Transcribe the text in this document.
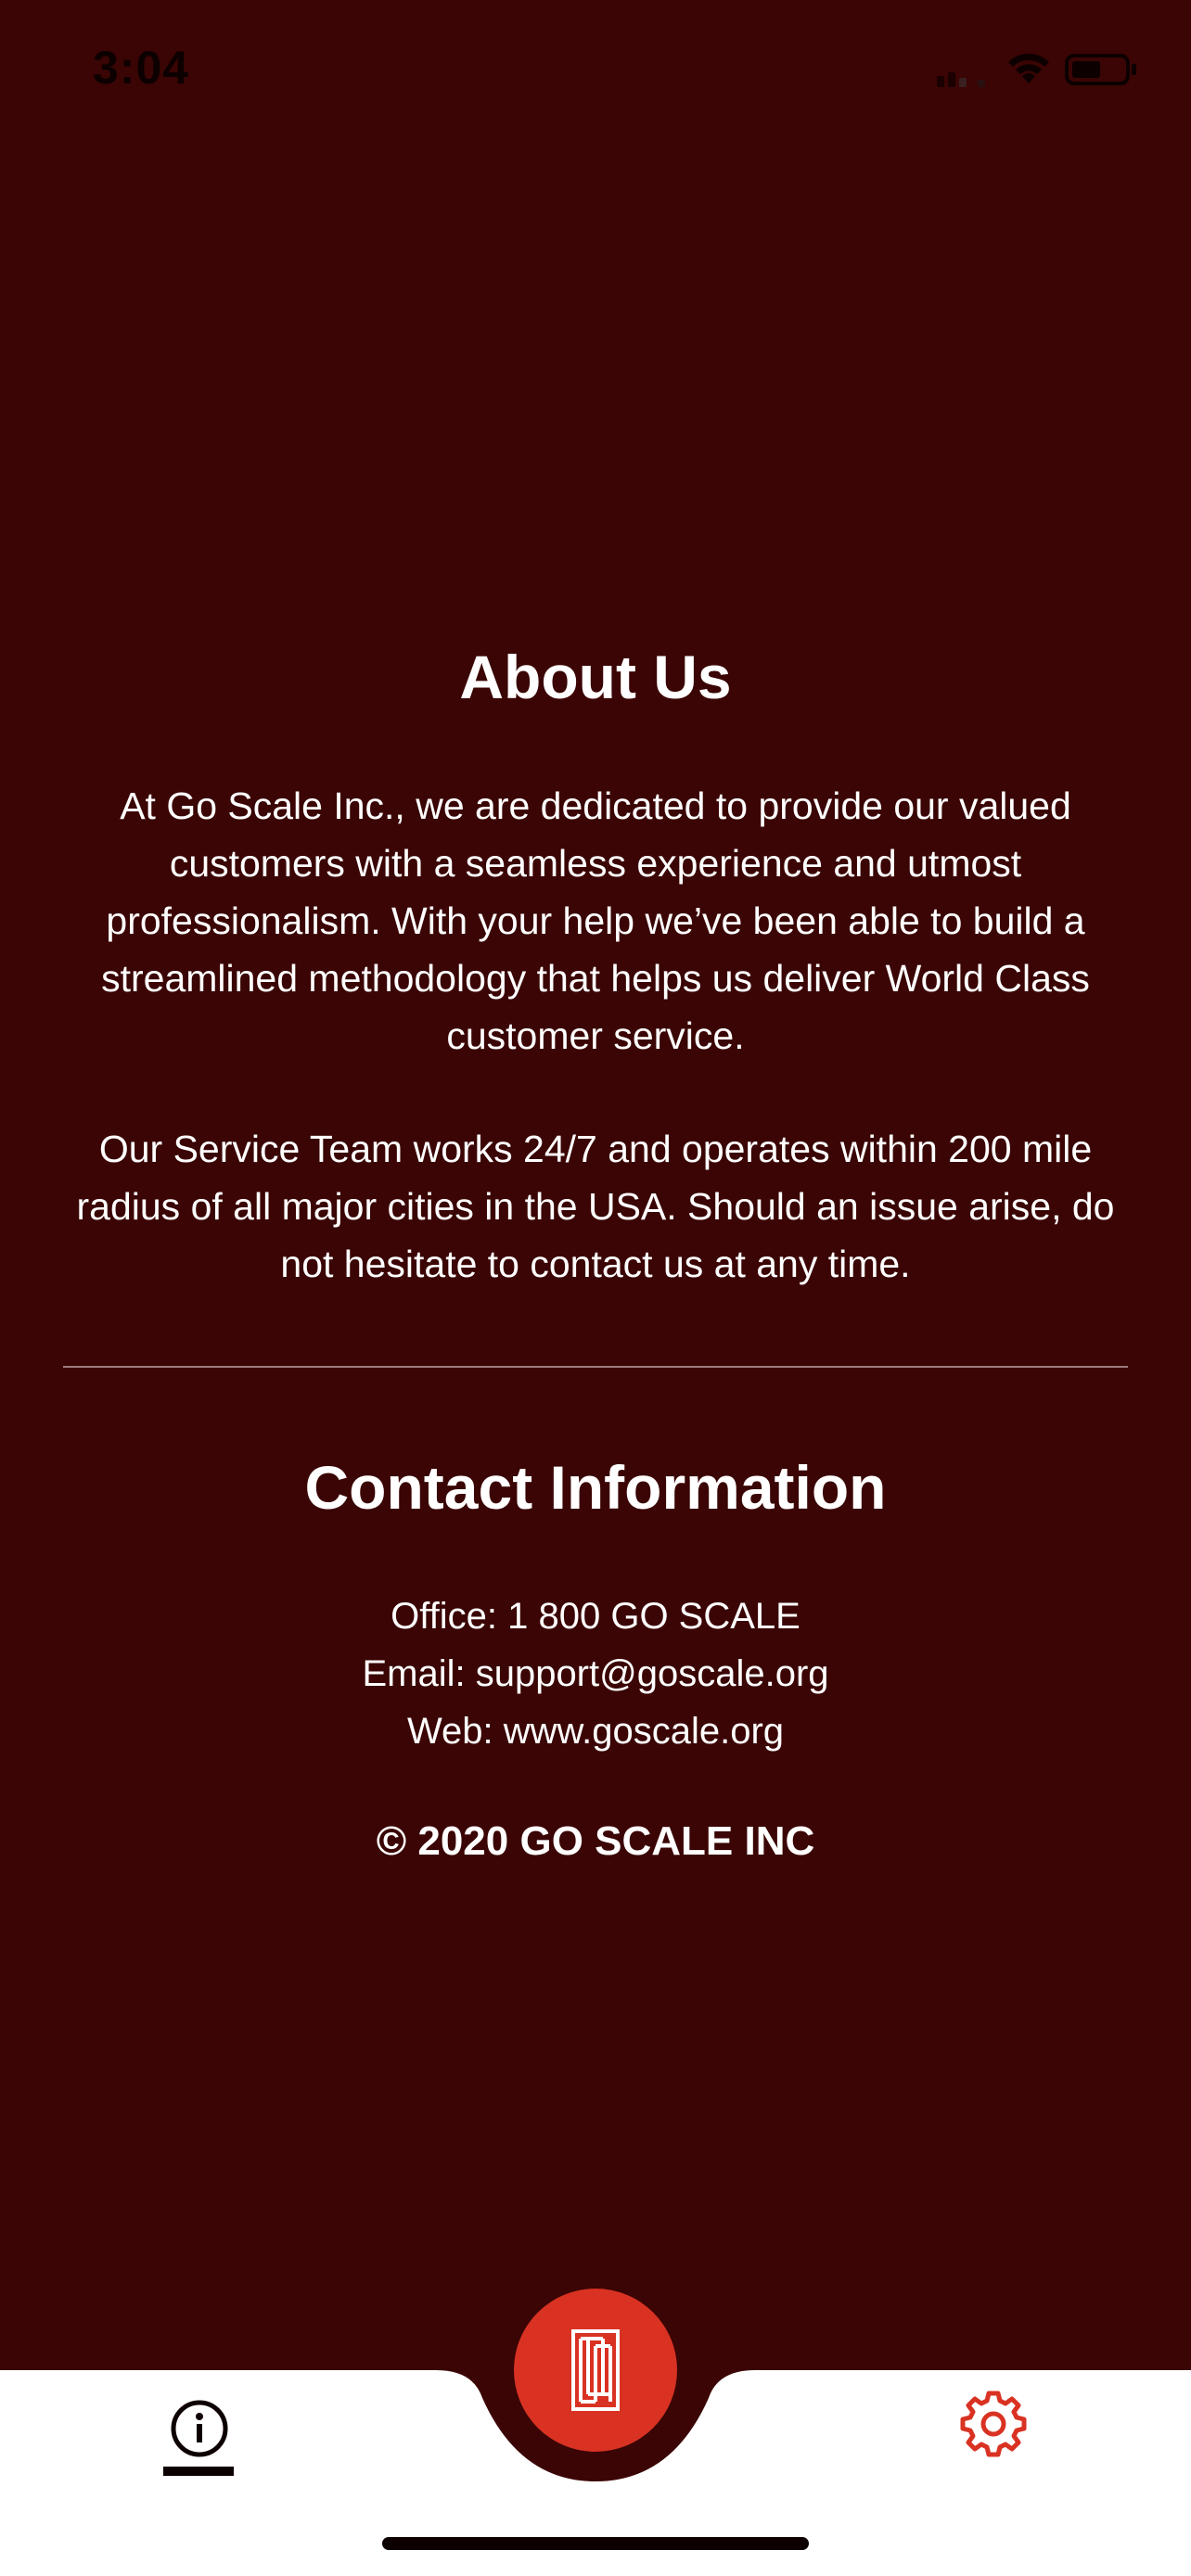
3:04
About Us
At Go Scale Inc., we are dedicated to provide our valued customers with a seamless experience and utmost professionalism. With your help we’ve been able to build a streamlined methodology that helps us deliver World Class customer service.
Our Service Team works 24/7 and operates within 200 mile radius of all major cities in the USA. Should an issue arise, do not hesitate to contact us at any time.
Contact Information
Office: 1 800 GO SCALE
Email: support@goscale.org
Web: www.goscale.org
© 2020 GO SCALE INC
